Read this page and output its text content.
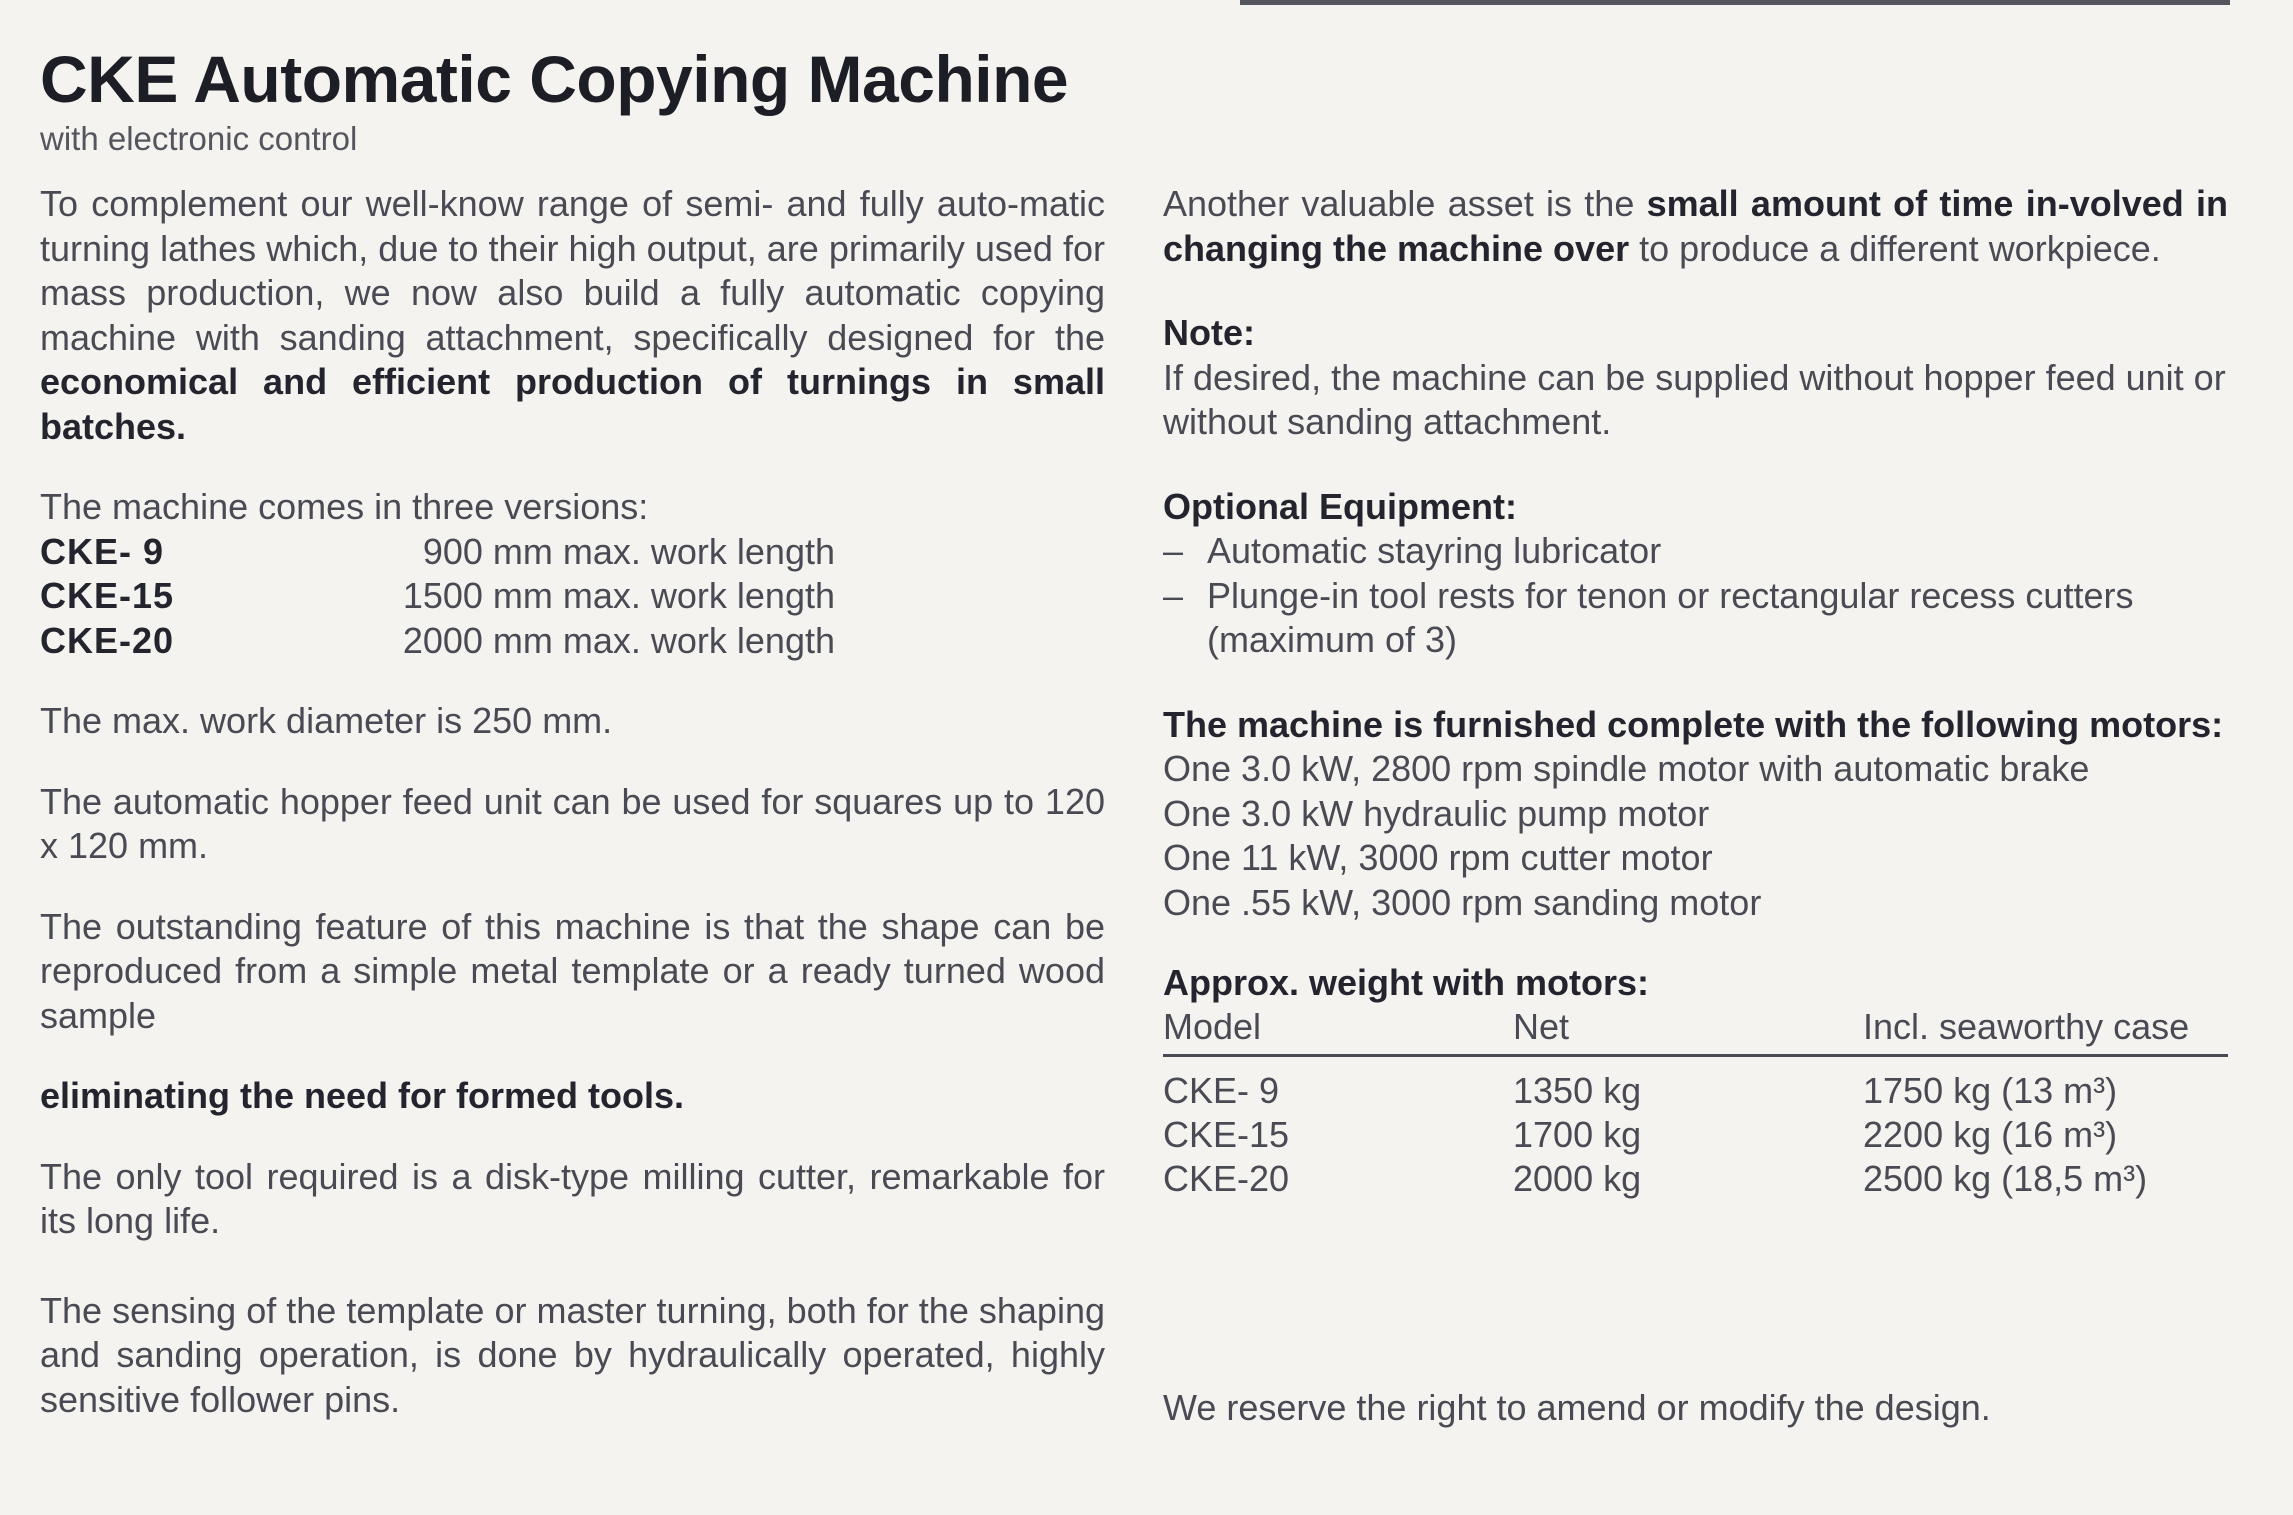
CKE Automatic Copying Machine
with electronic control

To complement our well-know range of semi- and fully auto-matic turning lathes which, due to their high output, are primarily used for mass production, we now also build a fully automatic copying machine with sanding attachment, specifically designed for the economical and efficient production of turnings in small batches.

The machine comes in three versions:

CKE- 9	900 mm max. work length
CKE-15	1500 mm max. work length
CKE-20	2000 mm max. work length

The max. work diameter is 250 mm.

The automatic hopper feed unit can be used for squares up to 120 x 120 mm.

The outstanding feature of this machine is that the shape can be reproduced from a simple metal template or a ready turned wood sample

eliminating the need for formed tools.

The only tool required is a disk-type milling cutter, remarkable for its long life.

The sensing of the template or master turning, both for the shaping and sanding operation, is done by hydraulically operated, highly sensitive follower pins.

Another valuable asset is the small amount of time in-volved in changing the machine over to produce a different workpiece.

Note:

If desired, the machine can be supplied without hopper feed unit or without sanding attachment.

Optional Equipment:

– Automatic stayring lubricator
– Plunge-in tool rests for tenon or rectangular recess cutters (maximum of 3)

The machine is furnished complete with the following motors:

One 3.0 kW, 2800 rpm spindle motor with automatic brake

One 3.0 kW hydraulic pump motor

One 11 kW, 3000 rpm cutter motor

One .55 kW, 3000 rpm sanding motor

Approx. weight with motors:

Model	Net	Incl. seaworthy case
CKE- 9	1350 kg	1750 kg (13 m³)
CKE-15	1700 kg	2200 kg (16 m³)
CKE-20	2000 kg	2500 kg (18,5 m³)

We reserve the right to amend or modify the design.
